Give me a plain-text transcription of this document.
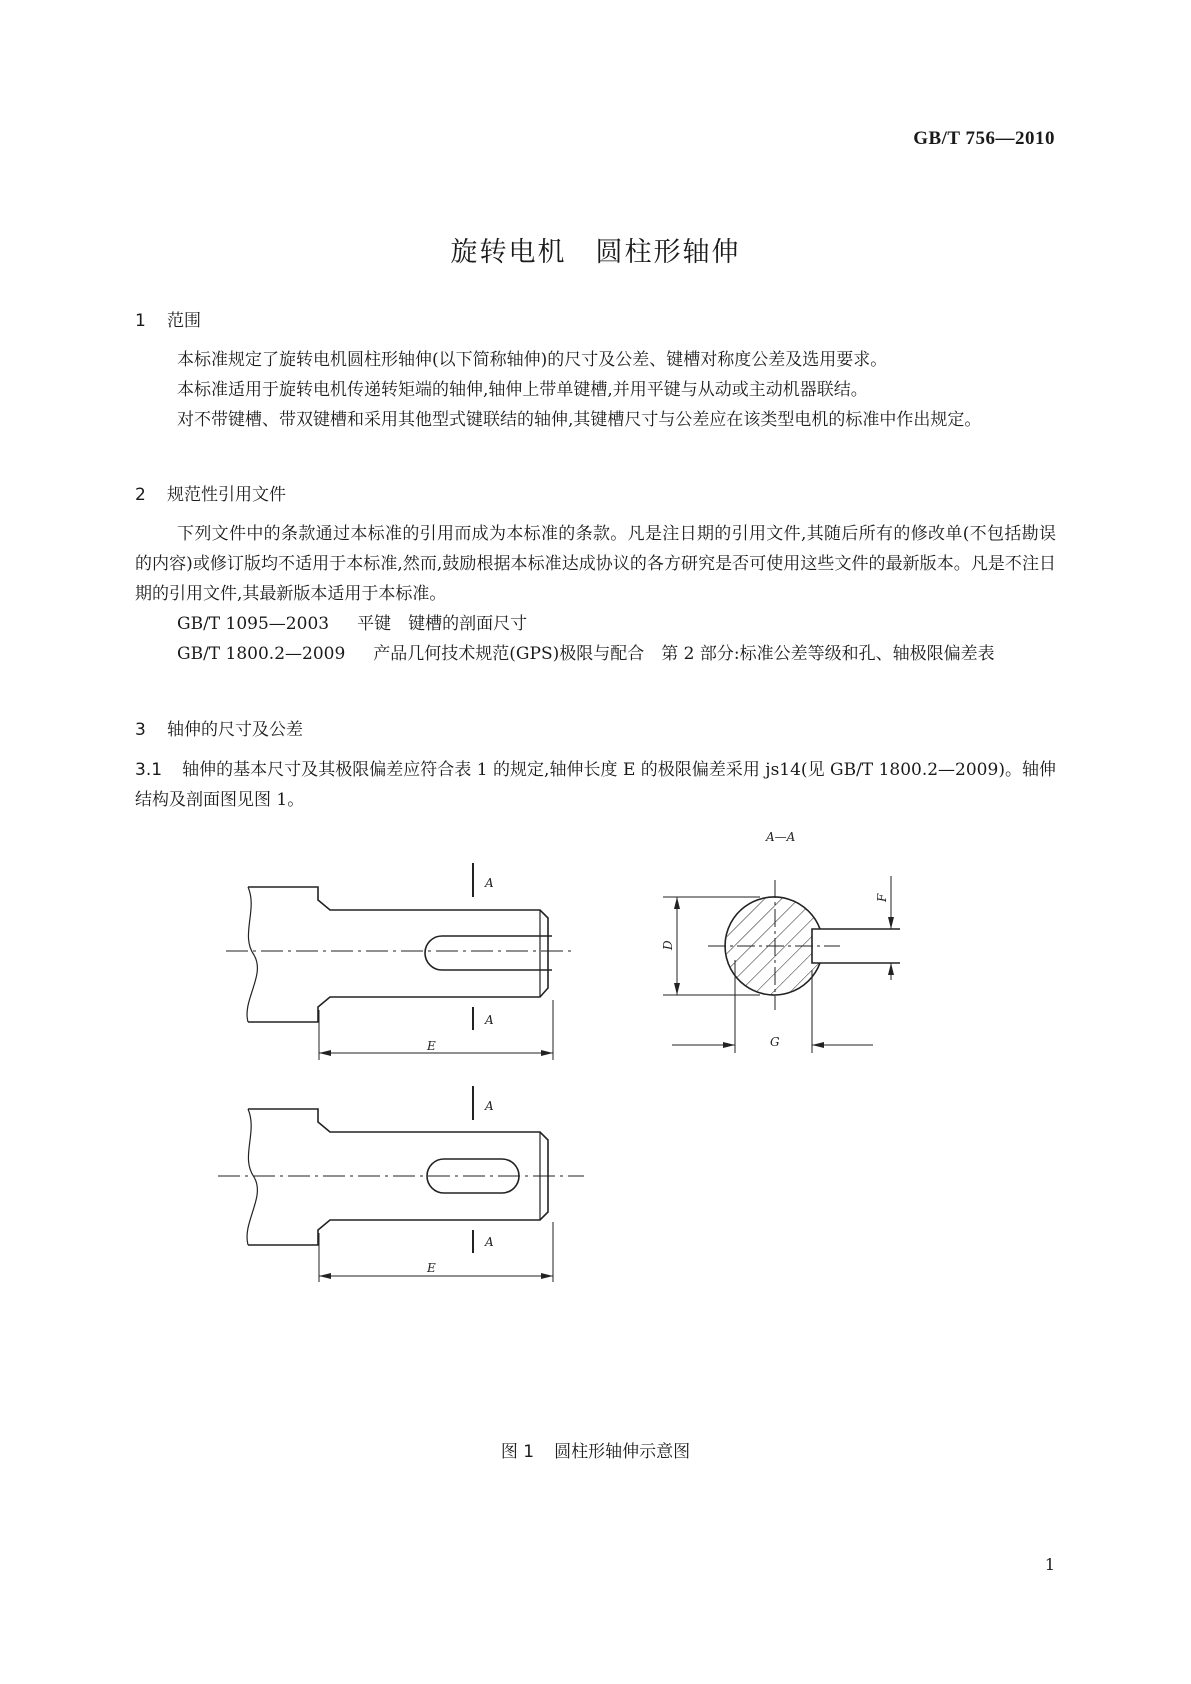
GB/T 756—2010
旋转电机　圆柱形轴伸
1 范围
本标准规定了旋转电机圆柱形轴伸(以下简称轴伸)的尺寸及公差、键槽对称度公差及选用要求。
本标准适用于旋转电机传递转矩端的轴伸,轴伸上带单键槽,并用平键与从动或主动机器联结。
对不带键槽、带双键槽和采用其他型式键联结的轴伸,其键槽尺寸与公差应在该类型电机的标准中作出规定。
2 规范性引用文件
下列文件中的条款通过本标准的引用而成为本标准的条款。凡是注日期的引用文件,其随后所有的修改单(不包括勘误的内容)或修订版均不适用于本标准,然而,鼓励根据本标准达成协议的各方研究是否可使用这些文件的最新版本。凡是不注日期的引用文件,其最新版本适用于本标准。
GB/T 1095—2003 平键　键槽的剖面尺寸
GB/T 1800.2—2009 产品几何技术规范(GPS)极限与配合　第 2 部分:标准公差等级和孔、轴极限偏差表
3 轴伸的尺寸及公差
3.1 轴伸的基本尺寸及其极限偏差应符合表 1 的规定,轴伸长度 E 的极限偏差采用 js14(见 GB/T 1800.2—2009)。轴伸结构及剖面图见图 1。
A
A
E
A
A
E
A—A
D
F
G
图 1 圆柱形轴伸示意图
1
